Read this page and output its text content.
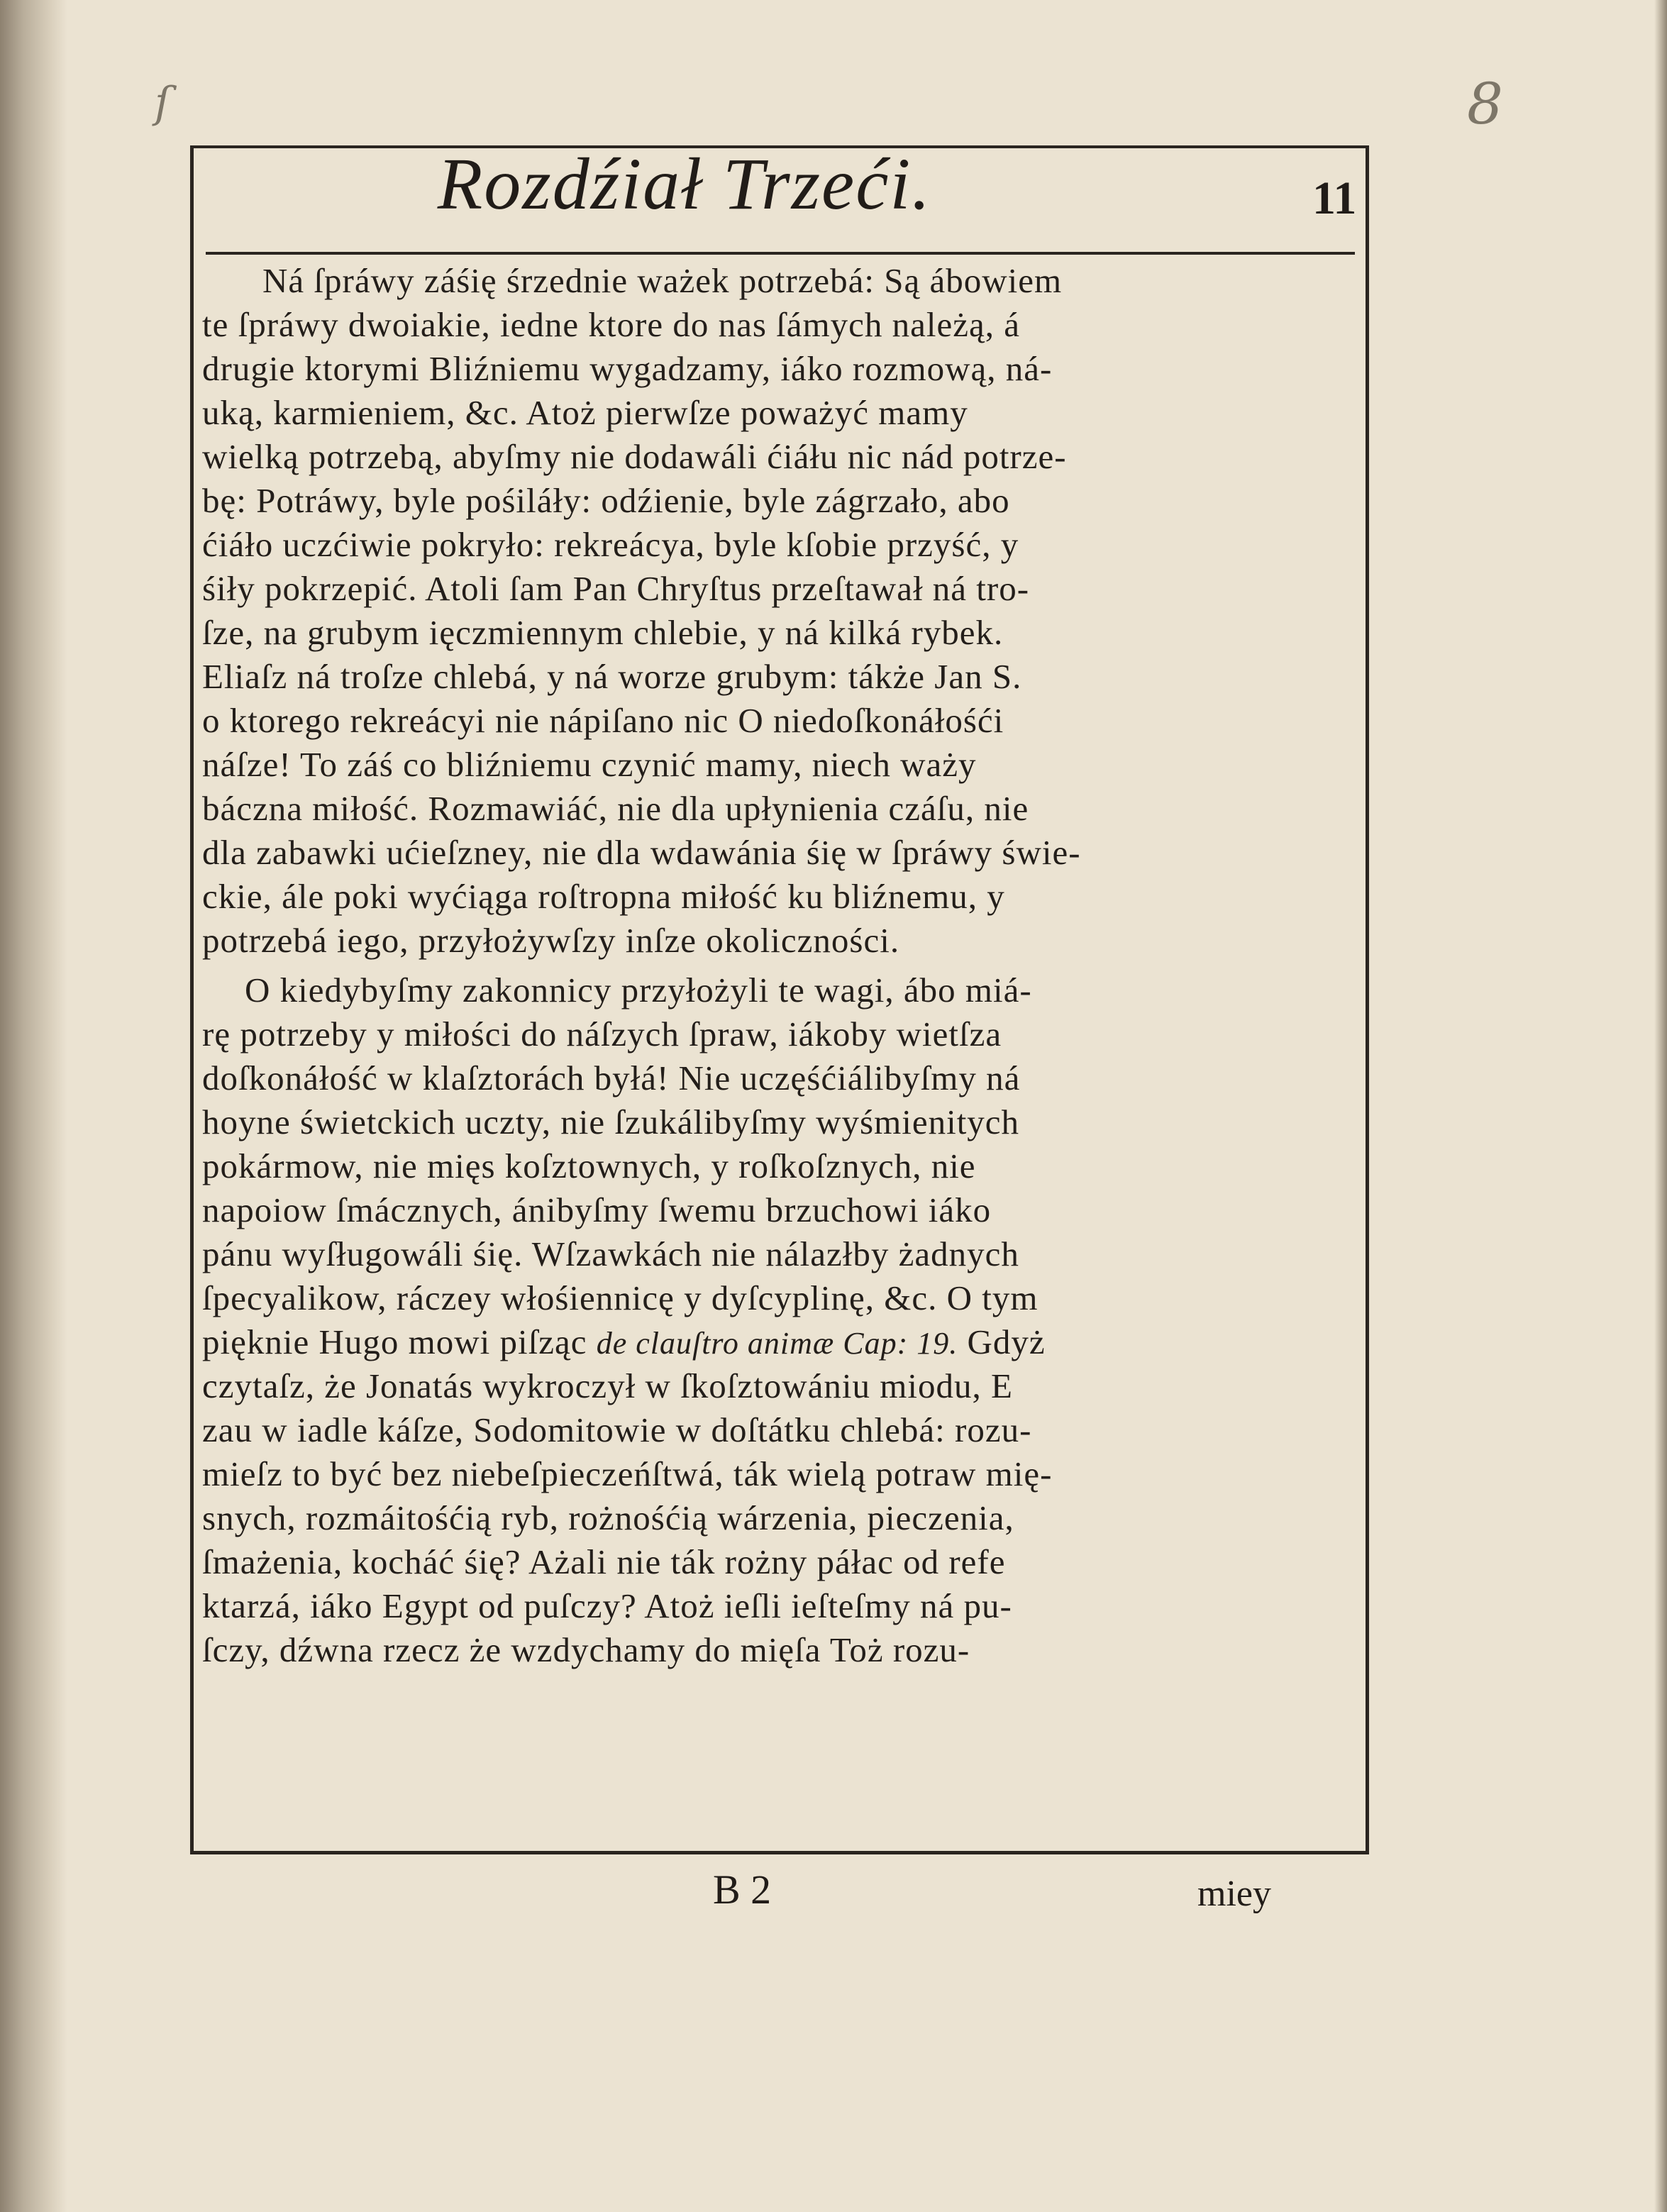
ſ	8
Rozdźiał Trzeći.	11
Ná ſpráwy záśię śrzednie ważek potrzebá: Są ábowiem
te ſpráwy dwoiakie, iedne ktore do nas ſámych należą, á
drugie ktorymi Bliźniemu wygadzamy, iáko rozmową, ná-
uką, karmieniem, &c. Atoż pierwſze poważyć mamy
wielką potrzebą, abyſmy nie dodawáli ćiáłu nic nád potrze-
bę: Potráwy, byle pośiláły: odźienie, byle zágrzało, abo
ćiáło uczćiwie pokryło: rekreácya, byle kſobie przyść, y
śiły pokrzepić. Atoli ſam Pan Chryſtus przeſtawał ná tro-
ſze, na grubym ięczmiennym chlebie, y ná kilká rybek.
Eliaſz ná troſze chlebá, y ná worze grubym: tákże Jan S.
o ktorego rekreácyi nie nápiſano nic O niedoſkonáłośći
náſze! To záś co bliźniemu czynić mamy, niech waży
báczna miłość. Rozmawiáć, nie dla upłynienia czáſu, nie
dla zabawki ućieſzney, nie dla wdawánia śię w ſpráwy świe-
ckie, ále poki wyćiąga roſtropna miłość ku bliźnemu, y
potrzebá iego, przyłożywſzy inſze okoliczności.
O kiedybyſmy zakonnicy przyłożyli te wagi, ábo miá-
rę potrzeby y miłości do náſzych ſpraw, iákoby wietſza
doſkonáłość w klaſztorách byłá! Nie uczęśćiálibyſmy ná
hoyne świetckich uczty, nie ſzukálibyſmy wyśmienitych
pokármow, nie mięs koſztownych, y roſkoſznych, nie
napoiow ſmácznych, ánibyſmy ſwemu brzuchowi iáko
pánu wyſługowáli śię. Wſzawkách nie nálazłby żadnych
ſpecyalikow, ráczey włośiennicę y dyſcyplinę, &c. O tym
pięknie Hugo mowi piſząc de clauſtro animæ Cap: 19. Gdyż
czytaſz, że Jonatás wykroczył w ſkoſztowániu miodu, E
zau w iadle káſze, Sodomitowie w doſtátku chlebá: rozu-
mieſz to być bez niebeſpieczeńſtwá, ták wielą potraw mię-
snych, rozmáitośćią ryb, rożnośćią wárzenia, pieczenia,
ſmażenia, kocháć śię? Ażali nie ták rożny páłac od refe
ktarzá, iáko Egypt od puſczy? Atoż ieſli ieſteſmy ná pu-
ſczy, dźwna rzecz że wzdychamy do mięſa Toż rozu-
B 2	miey
